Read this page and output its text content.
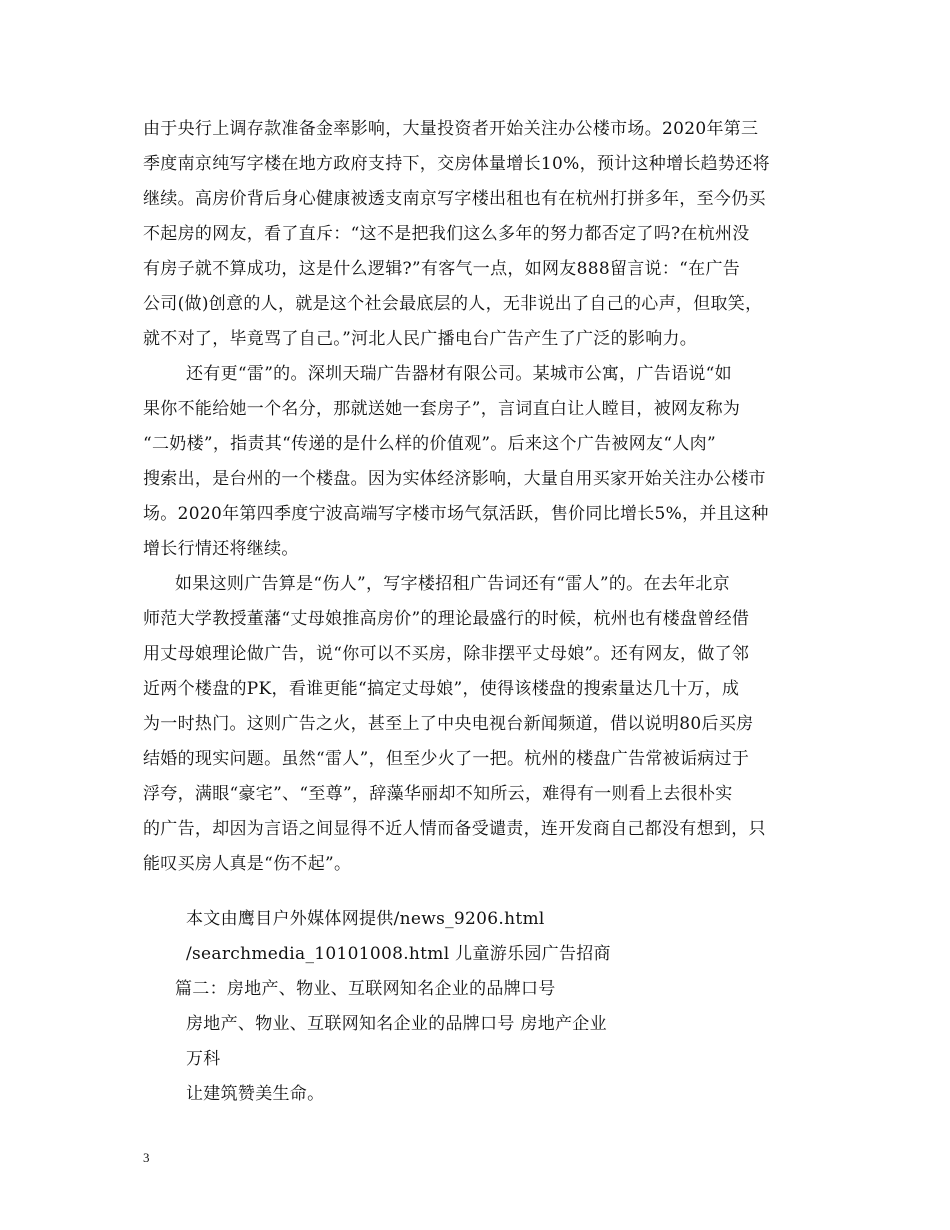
由于央行上调存款准备金率影响，大量投资者开始关注办公楼市场。2020年第三
季度南京纯写字楼在地方政府支持下，交房体量增长10%，预计这种增长趋势还将
继续。高房价背后身心健康被透支南京写字楼出租也有在杭州打拼多年，至今仍买
不起房的网友，看了直斥：“这不是把我们这么多年的努力都否定了吗?在杭州没
有房子就不算成功，这是什么逻辑?”有客气一点，如网友888留言说：“在广告
公司(做)创意的人，就是这个社会最底层的人，无非说出了自己的心声，但取笑，
就不对了，毕竟骂了自己。”河北人民广播电台广告产生了广泛的影响力。
还有更“雷”的。深圳天瑞广告器材有限公司。某城市公寓，广告语说“如
果你不能给她一个名分，那就送她一套房子”，言词直白让人瞠目，被网友称为
“二奶楼”，指责其“传递的是什么样的价值观”。后来这个广告被网友“人肉”
搜索出，是台州的一个楼盘。因为实体经济影响，大量自用买家开始关注办公楼市
场。2020年第四季度宁波高端写字楼市场气氛活跃，售价同比增长5%，并且这种
增长行情还将继续。
如果这则广告算是“伤人”，写字楼招租广告词还有“雷人”的。在去年北京
师范大学教授董藩“丈母娘推高房价”的理论最盛行的时候，杭州也有楼盘曾经借
用丈母娘理论做广告，说“你可以不买房，除非摆平丈母娘”。还有网友，做了邻
近两个楼盘的PK，看谁更能“搞定丈母娘”，使得该楼盘的搜索量达几十万，成
为一时热门。这则广告之火，甚至上了中央电视台新闻频道，借以说明80后买房
结婚的现实问题。虽然“雷人”，但至少火了一把。杭州的楼盘广告常被诟病过于
浮夸，满眼“豪宅”、“至尊”，辞藻华丽却不知所云，难得有一则看上去很朴实
的广告，却因为言语之间显得不近人情而备受谴责，连开发商自己都没有想到，只
能叹买房人真是“伤不起”。
本文由鹰目户外媒体网提供/news_9206.html
/searchmedia_10101008.html 儿童游乐园广告招商
篇二：房地产、物业、互联网知名企业的品牌口号
房地产、物业、互联网知名企业的品牌口号 房地产企业
万科
让建筑赞美生命。
3
